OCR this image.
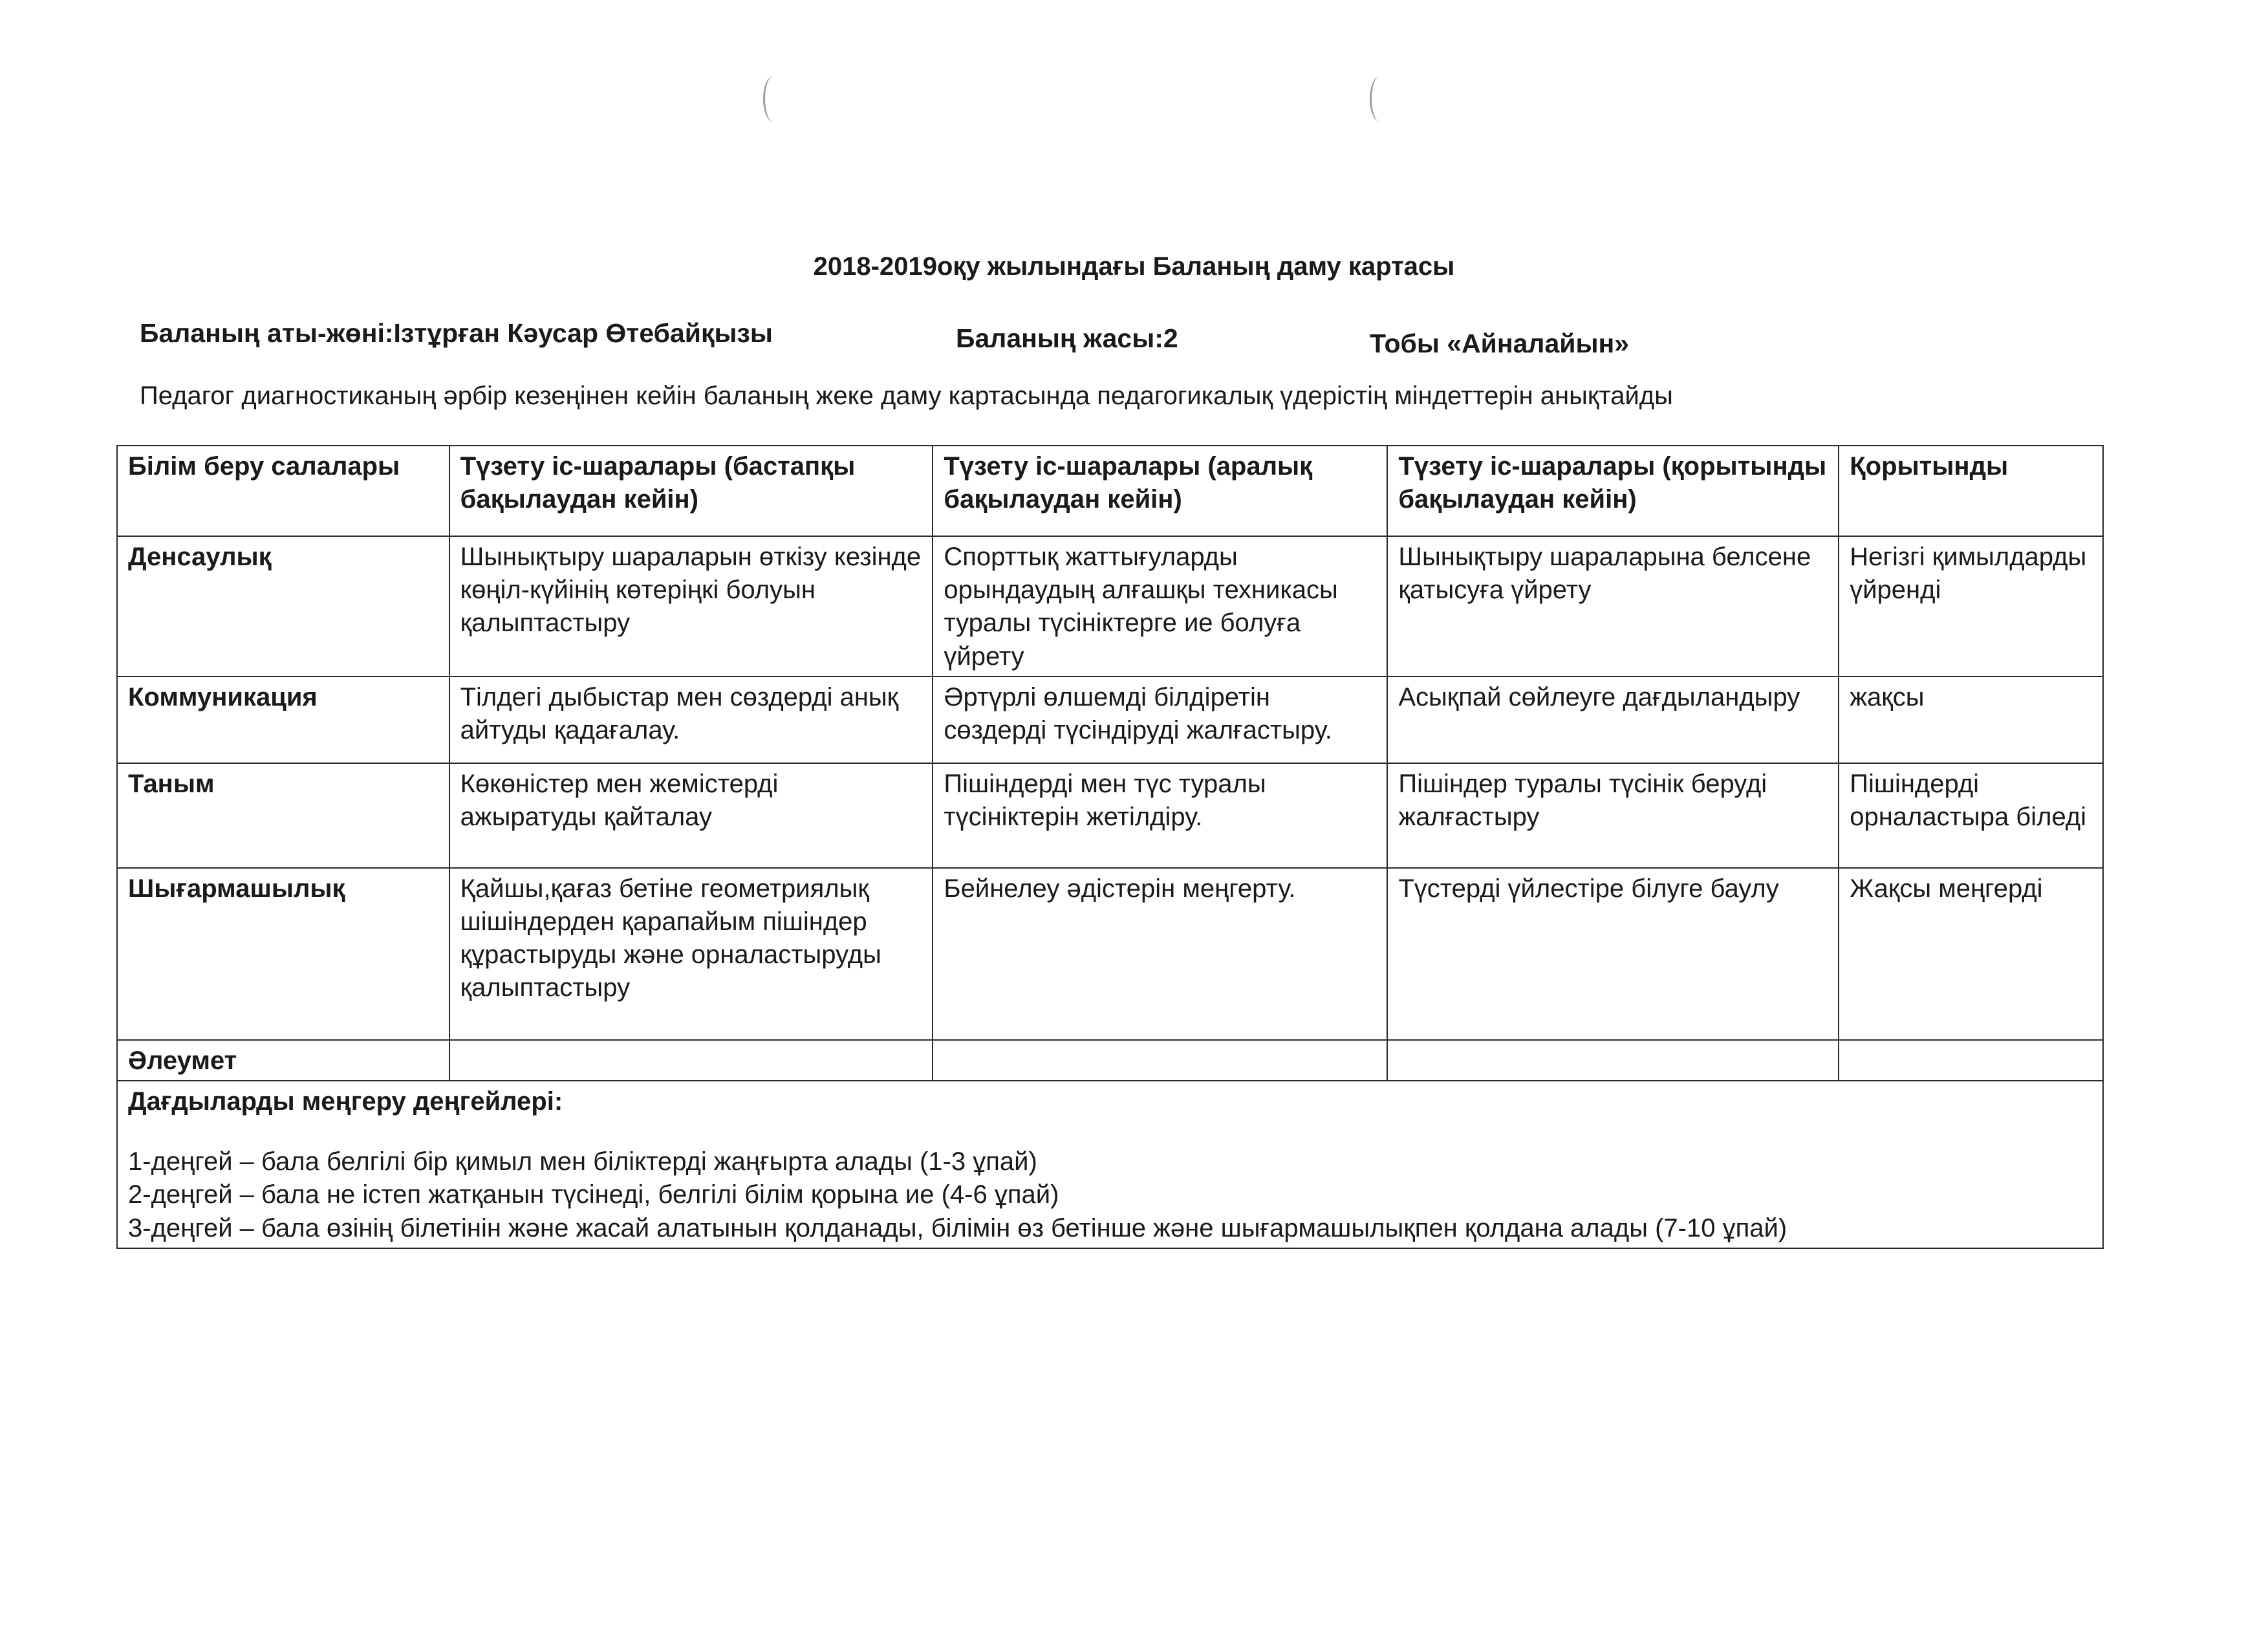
2018-2019оқу жылындағы Баланың даму картасы
Баланың аты-жөні:Ізтұрған Кәусар Өтебайқызы	Баланың жасы:2	Тобы «Айналайын»
Педагог диагностиканың әрбір кезеңінен кейін баланың жеке даму картасында педагогикалық үдерістің міндеттерін анықтайды
Білім беру салалары	Түзету іс-шаралары (бастапқы бақылаудан кейін)	Түзету іс-шаралары (аралық бақылаудан кейін)	Түзету іс-шаралары (қорытынды бақылаудан кейін)	Қорытынды
Денсаулық	Шынықтыру шараларын өткізу кезінде көңіл-күйінің көтеріңкі болуын қалыптастыру	Спорттық жаттығуларды орындаудың алғашқы техникасы туралы түсініктерге ие болуға үйрету	Шынықтыру шараларына белсене қатысуға үйрету	Негізгі қимылдарды үйренді
Коммуникация	Тілдегі дыбыстар мен сөздерді анық айтуды қадағалау.	Әртүрлі өлшемді білдіретін сөздерді түсіндіруді жалғастыру.	Асықпай сөйлеуге дағдыландыру	жақсы
Таным	Көкөністер мен жемістерді ажыратуды қайталау	Пішіндерді мен түс туралы түсініктерін жетілдіру.	Пішіндер туралы түсінік беруді жалғастыру	Пішіндерді орналастыра біледі
Шығармашылық	Қайшы,қағаз бетіне геометриялық шішіндерден қарапайым пішіндер құрастыруды және орналастыруды қалыптастыру	Бейнелеу әдістерін меңгерту.	Түстерді үйлестіре білуге баулу	Жақсы меңгерді
Әлеумет				

Дағдыларды меңгеру деңгейлері:
1-деңгей – бала белгілі бір қимыл мен біліктерді жаңғырта алады (1-3 ұпай)
2-деңгей – бала не істеп жатқанын түсінеді, белгілі білім қорына ие (4-6 ұпай)
3-деңгей – бала өзінің білетінін және жасай алатынын қолданады, білімін өз бетінше және шығармашылықпен қолдана алады (7-10 ұпай)				
